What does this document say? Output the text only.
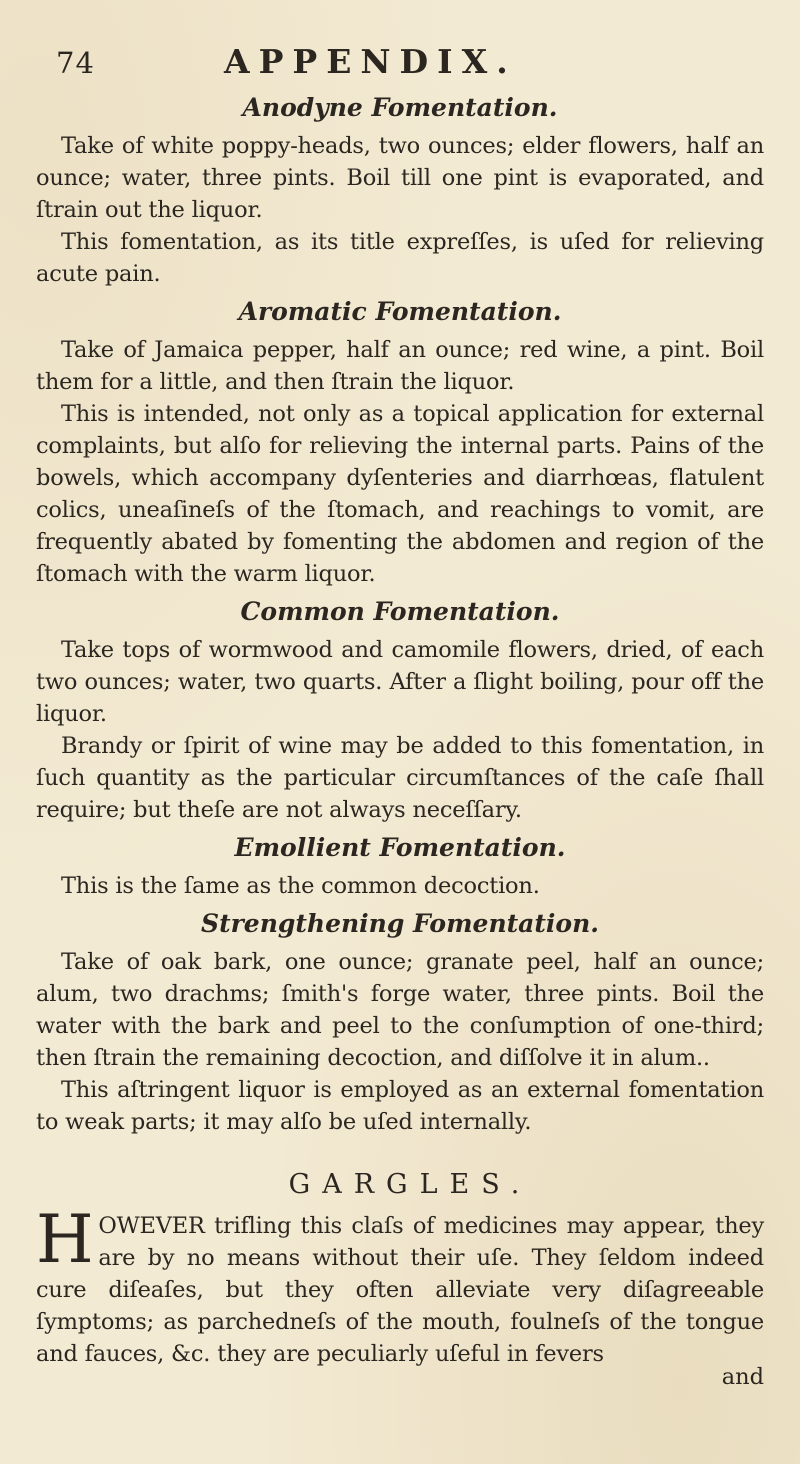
74	APPENDIX.
Anodyne Fomentation.

Take of white poppy-heads, two ounces; elder flowers, half an ounce; water, three pints. Boil till one pint is evaporated, and ſtrain out the liquor.

This fomentation, as its title expreſſes, is uſed for relieving acute pain.

Aromatic Fomentation.

Take of Jamaica pepper, half an ounce; red wine, a pint. Boil them for a little, and then ſtrain the liquor.

This is intended, not only as a topical application for external complaints, but alſo for relieving the internal parts. Pains of the bowels, which accompany dyſenteries and diarrhœas, flatulent colics, uneaſineſs of the ſtomach, and reachings to vomit, are frequently abated by fomenting the abdomen and region of the ſtomach with the warm liquor.

Common Fomentation.

Take tops of wormwood and camomile flowers, dried, of each two ounces; water, two quarts. After a ſlight boiling, pour off the liquor.

Brandy or ſpirit of wine may be added to this fomentation, in ſuch quantity as the particular circumſtances of the caſe ſhall require; but theſe are not always neceſſary.

Emollient Fomentation.

This is the ſame as the common decoction.

Strengthening Fomentation.

Take of oak bark, one ounce; granate peel, half an ounce; alum, two drachms; ſmith's forge water, three pints. Boil the water with the bark and peel to the conſumption of one-third; then ſtrain the remaining decoction, and diſſolve it in alum..

This aſtringent liquor is employed as an external fomentation to weak parts; it may alſo be uſed internally.

GARGLES.

HOWEVER trifling this claſs of medicines may appear, they are by no means without their uſe. They ſeldom indeed cure diſeaſes, but they often alleviate very diſagreeable ſymptoms; as parchedneſs of the mouth, foulneſs of the tongue and fauces, &c. they are peculiarly uſeful in fevers

and
